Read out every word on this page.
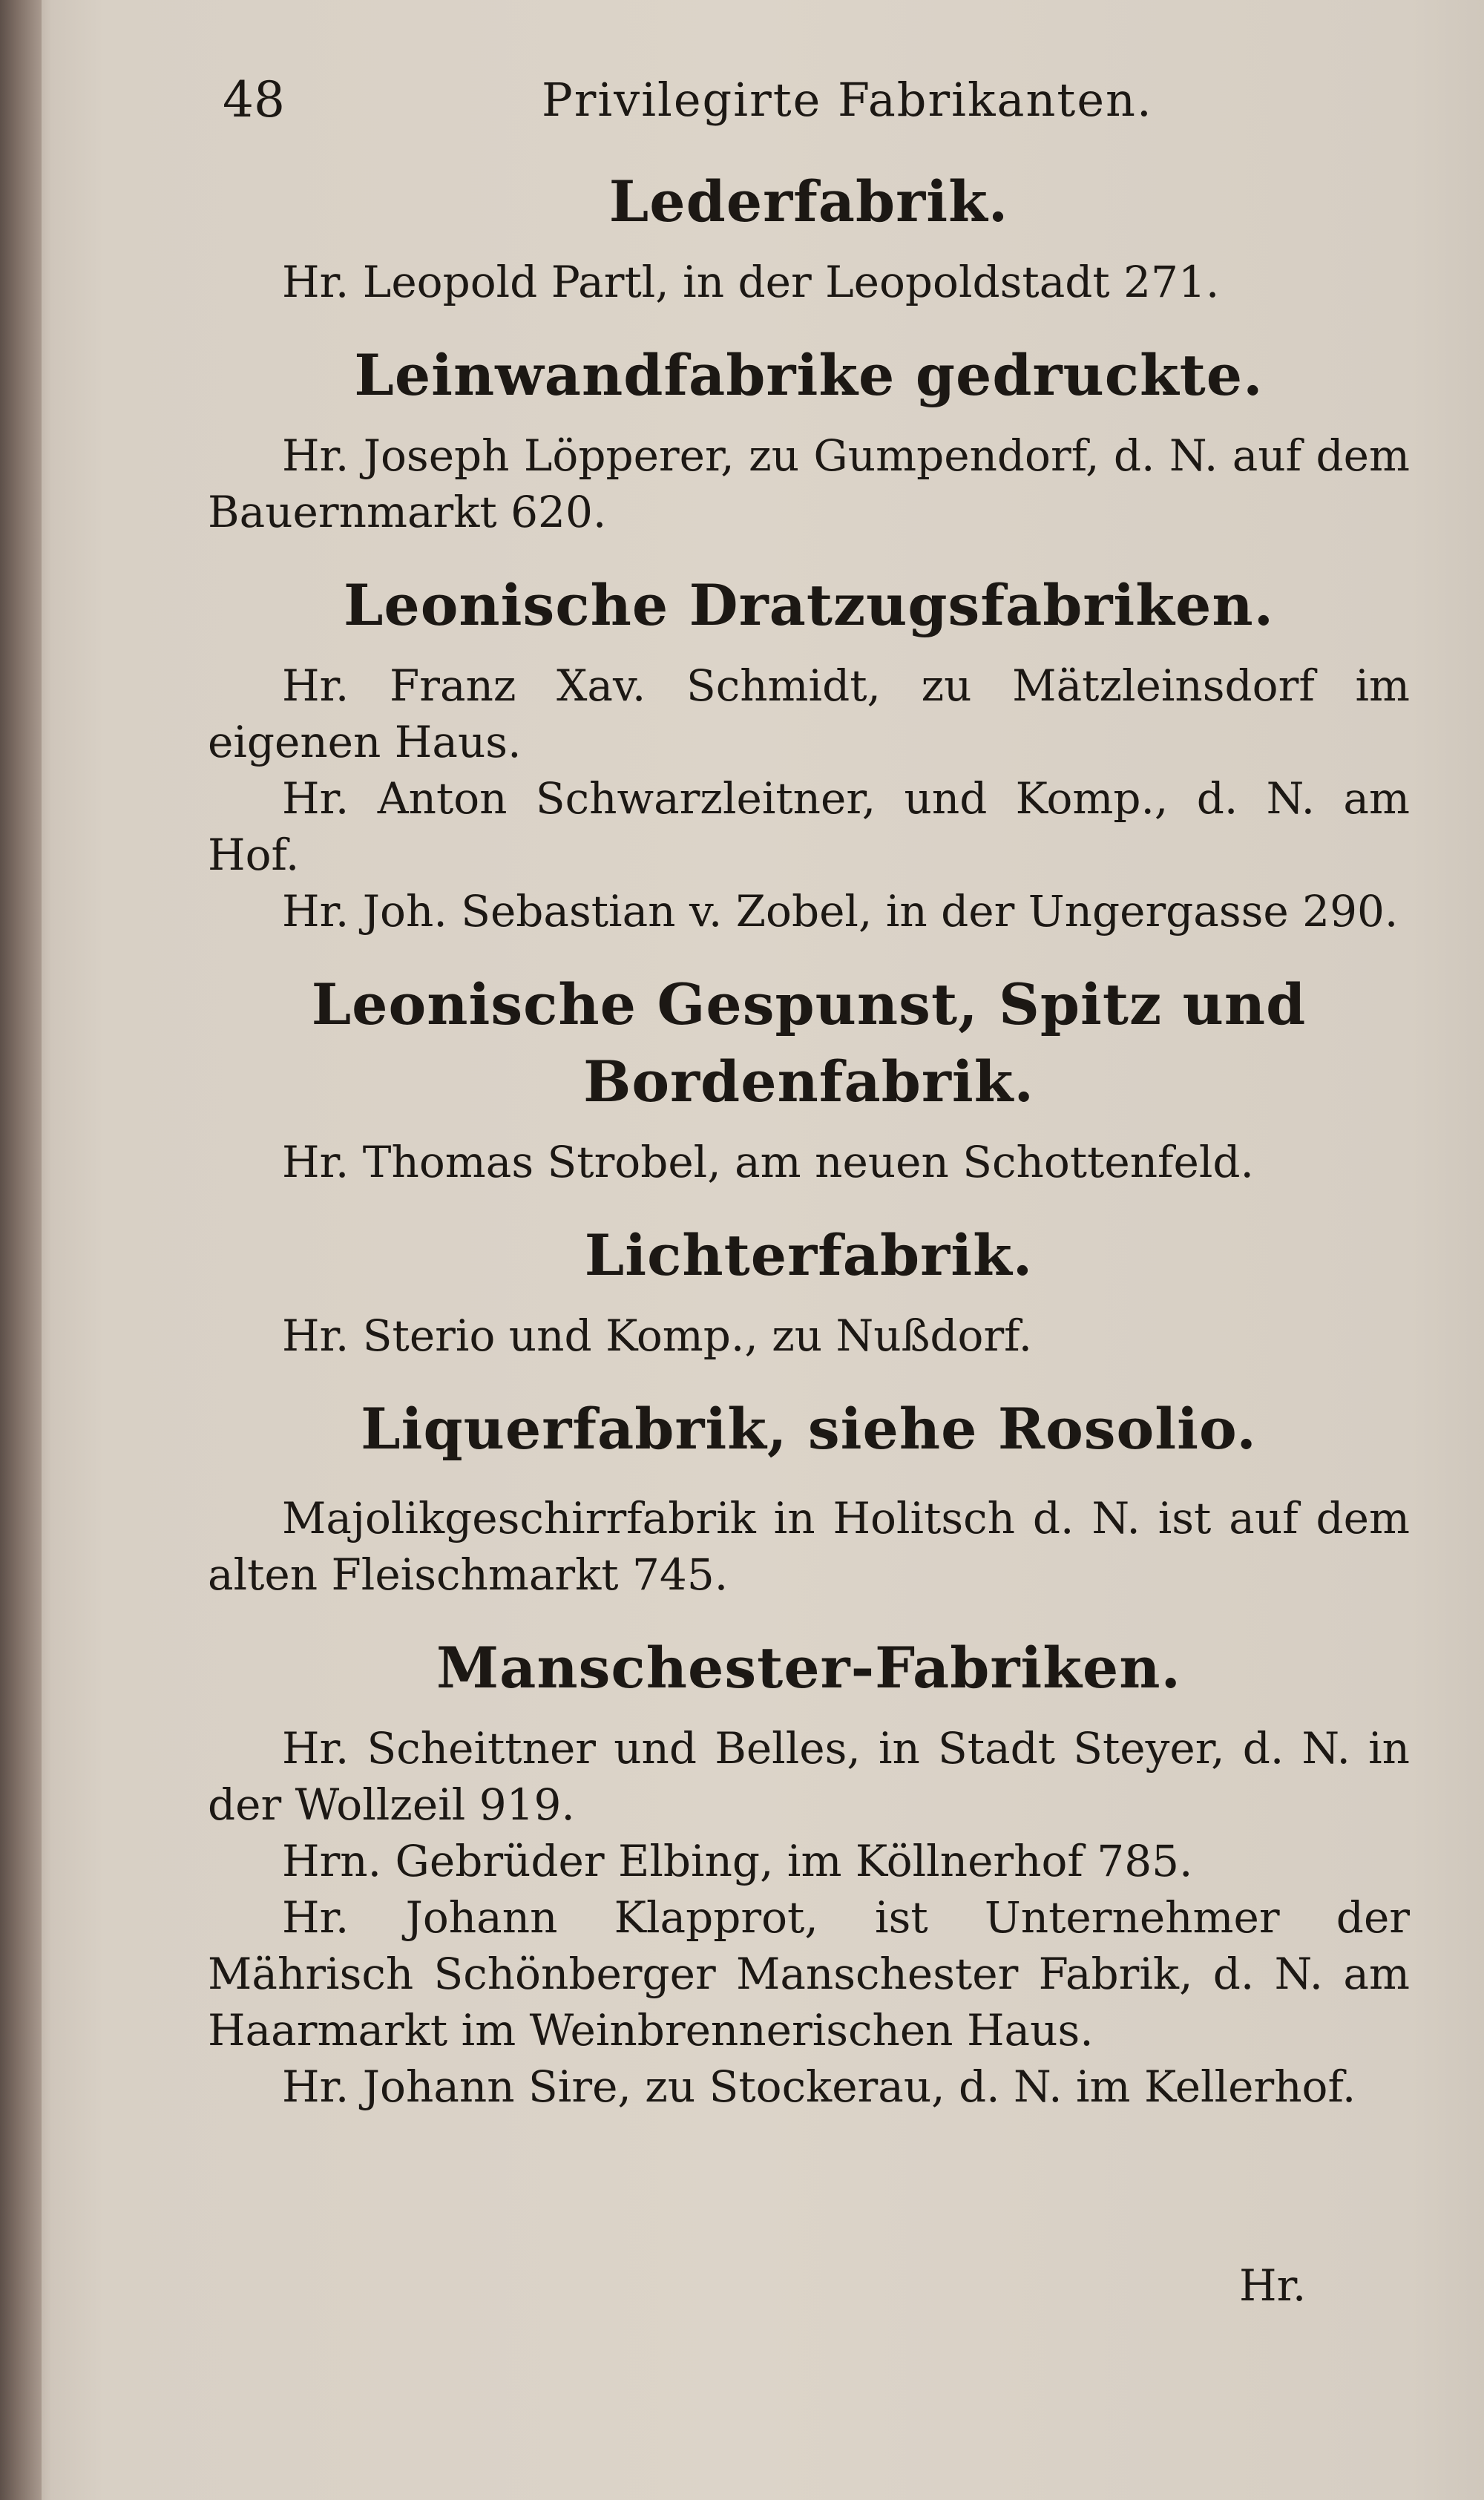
48	Privilegirte Fabrikanten.
Lederfabrik.

Hr. Leopold Partl, in der Leopoldstadt 271.

Leinwandfabrike gedruckte.

Hr. Joseph Löpperer, zu Gumpendorf, d. N. auf dem Bauernmarkt 620.

Leonische Dratzugsfabriken.

Hr. Franz Xav. Schmidt, zu Mätzleinsdorf im eigenen Haus.

Hr. Anton Schwarzleitner, und Komp., d. N. am Hof.

Hr. Joh. Sebastian v. Zobel, in der Ungergasse 290.

Leonische Gespunst, Spitz und Bordenfabrik.

Hr. Thomas Strobel, am neuen Schottenfeld.

Lichterfabrik.

Hr. Sterio und Komp., zu Nußdorf.

Liquerfabrik, siehe Rosolio.

Majolikgeschirrfabrik in Holitsch d. N. ist auf dem alten Fleischmarkt 745.

Manschester-Fabriken.

Hr. Scheittner und Belles, in Stadt Steyer, d. N. in der Wollzeil 919.

Hrn. Gebrüder Elbing, im Köllnerhof 785.

Hr. Johann Klapprot, ist Unternehmer der Mährisch Schönberger Manschester Fabrik, d. N. am Haarmarkt im Weinbrennerischen Haus.

Hr. Johann Sire, zu Stockerau, d. N. im Kellerhof.

Hr.
